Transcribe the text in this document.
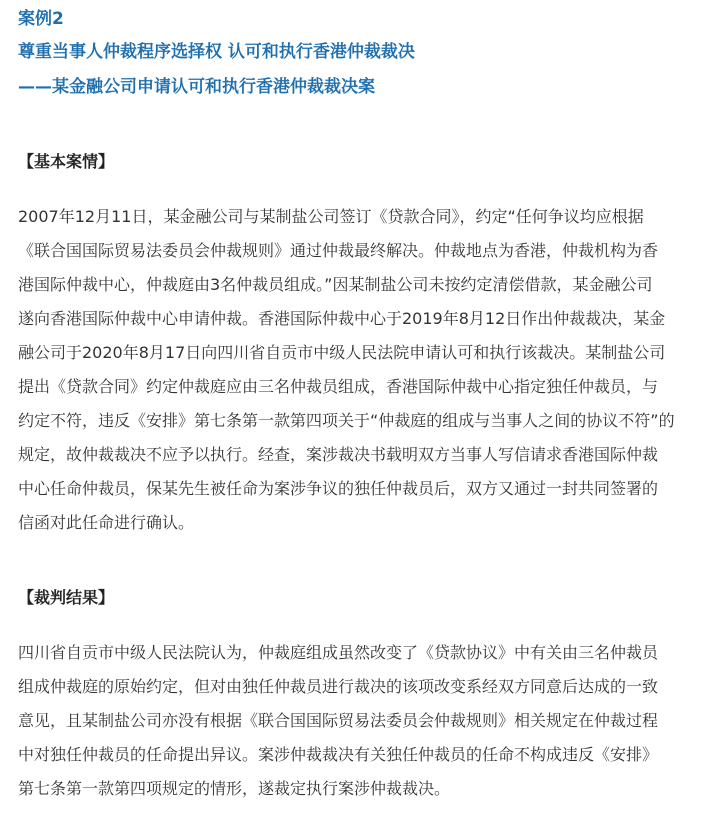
案例2
尊重当事人仲裁程序选择权 认可和执行香港仲裁裁决
——某金融公司申请认可和执行香港仲裁裁决案
【基本案情】
2007年12月11日，某金融公司与某制盐公司签订《贷款合同》，约定“任何争议均应根据
《联合国国际贸易法委员会仲裁规则》通过仲裁最终解决。仲裁地点为香港，仲裁机构为香
港国际仲裁中心，仲裁庭由3名仲裁员组成。”因某制盐公司未按约定清偿借款，某金融公司
遂向香港国际仲裁中心申请仲裁。香港国际仲裁中心于2019年8月12日作出仲裁裁决，某金
融公司于2020年8月17日向四川省自贡市中级人民法院申请认可和执行该裁决。某制盐公司
提出《贷款合同》约定仲裁庭应由三名仲裁员组成，香港国际仲裁中心指定独任仲裁员，与
约定不符，违反《安排》第七条第一款第四项关于“仲裁庭的组成与当事人之间的协议不符”的
规定，故仲裁裁决不应予以执行。经查，案涉裁决书载明双方当事人写信请求香港国际仲裁
中心任命仲裁员，保某先生被任命为案涉争议的独任仲裁员后，双方又通过一封共同签署的
信函对此任命进行确认。
【裁判结果】
四川省自贡市中级人民法院认为，仲裁庭组成虽然改变了《贷款协议》中有关由三名仲裁员
组成仲裁庭的原始约定，但对由独任仲裁员进行裁决的该项改变系经双方同意后达成的一致
意见，且某制盐公司亦没有根据《联合国国际贸易法委员会仲裁规则》相关规定在仲裁过程
中对独任仲裁员的任命提出异议。案涉仲裁裁决有关独任仲裁员的任命不构成违反《安排》
第七条第一款第四项规定的情形，遂裁定执行案涉仲裁裁决。
